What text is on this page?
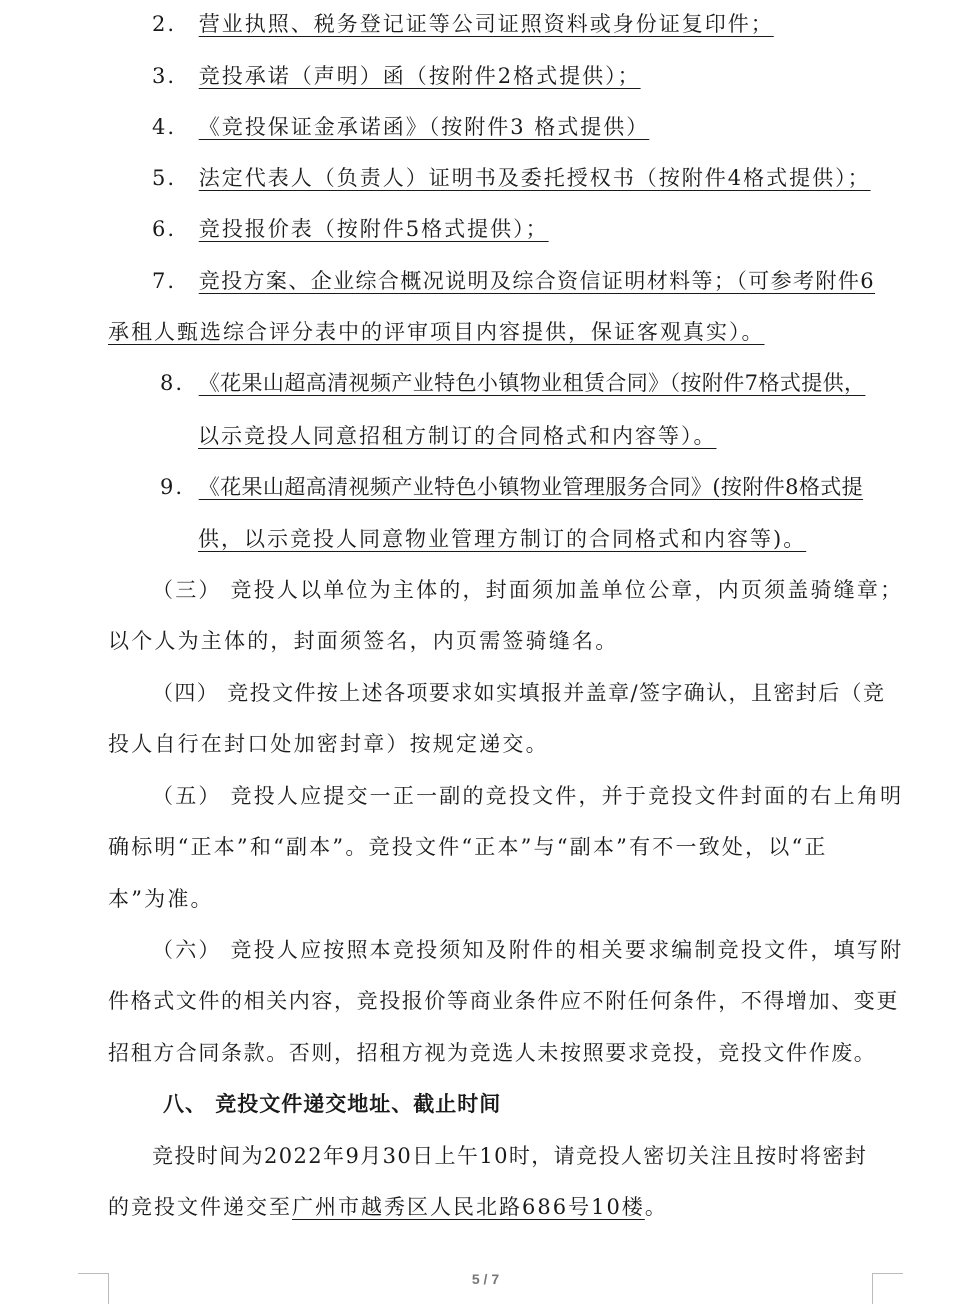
2. 营业执照、税务登记证等公司证照资料或身份证复印件；
3. 竞投承诺（声明）函（按附件2格式提供）；
4. 《竞投保证金承诺函》（按附件3 格式提供）
5. 法定代表人（负责人）证明书及委托授权书（按附件4格式提供）；
6. 竞投报价表（按附件5格式提供）；
7. 竞投方案、企业综合概况说明及综合资信证明材料等；（可参考附件6
承租人甄选综合评分表中的评审项目内容提供，保证客观真实）。
8. 《花果山超高清视频产业特色小镇物业租赁合同》（按附件7格式提供，
以示竞投人同意招租方制订的合同格式和内容等）。
9. 《花果山超高清视频产业特色小镇物业管理服务合同》(按附件8格式提
供，以示竞投人同意物业管理方制订的合同格式和内容等)。
（三） 竞投人以单位为主体的，封面须加盖单位公章，内页须盖骑缝章；
以个人为主体的，封面须签名，内页需签骑缝名。
（四） 竞投文件按上述各项要求如实填报并盖章/签字确认，且密封后（竞
投人自行在封口处加密封章）按规定递交。
（五） 竞投人应提交一正一副的竞投文件，并于竞投文件封面的右上角明
确标明“正本”和“副本”。竞投文件“正本”与“副本”有不一致处，以“正
本”为准。
（六） 竞投人应按照本竞投须知及附件的相关要求编制竞投文件，填写附
件格式文件的相关内容，竞投报价等商业条件应不附任何条件，不得增加、变更
招租方合同条款。否则，招租方视为竞选人未按照要求竞投，竞投文件作废。
八、 竞投文件递交地址、截止时间
竞投时间为2022年9月30日上午10时，请竞投人密切关注且按时将密封
的竞投文件递交至广州市越秀区人民北路686号10楼。
5 / 7
